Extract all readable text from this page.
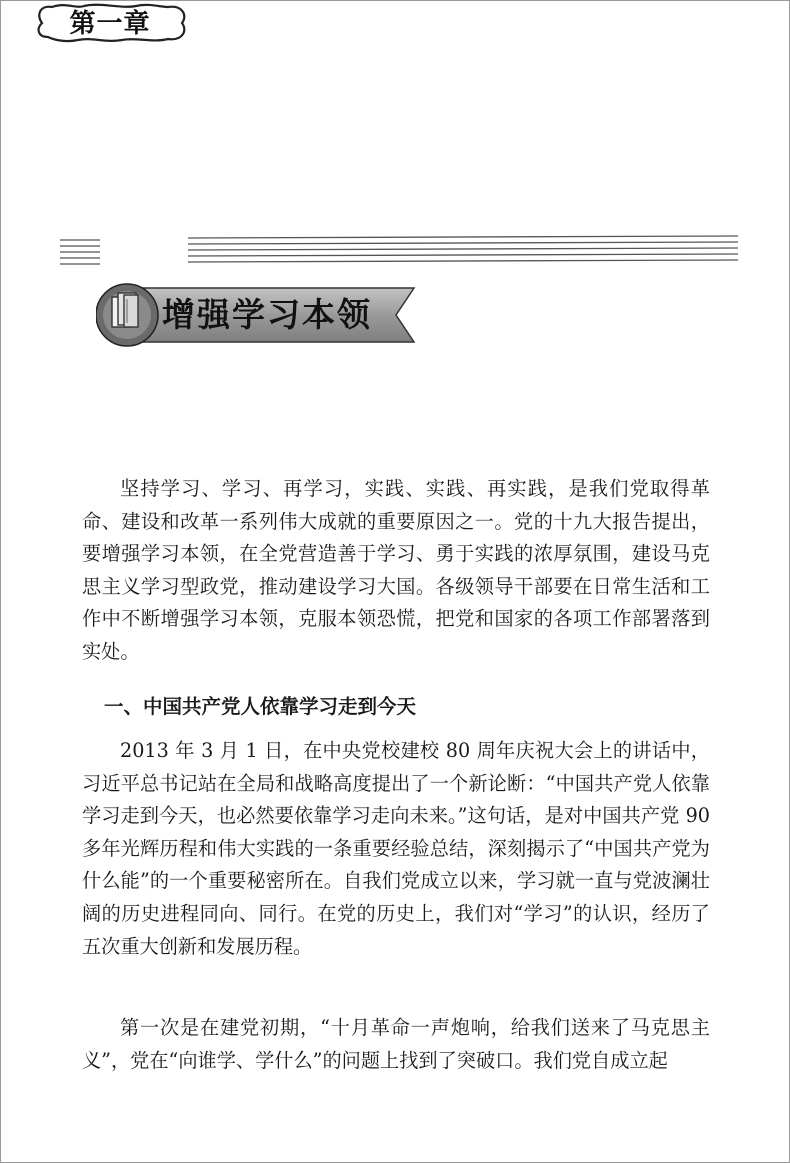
第一章
增强学习本领

坚持学习、学习、再学习，实践、实践、再实践，是我们党取得革命、建设和改革一系列伟大成就的重要原因之一。党的十九大报告提出，要增强学习本领，在全党营造善于学习、勇于实践的浓厚氛围，建设马克思主义学习型政党，推动建设学习大国。各级领导干部要在日常生活和工作中不断增强学习本领，克服本领恐慌，把党和国家的各项工作部署落到实处。

一、中国共产党人依靠学习走到今天

2013 年 3 月 1 日，在中央党校建校 80 周年庆祝大会上的讲话中，习近平总书记站在全局和战略高度提出了一个新论断：“中国共产党人依靠学习走到今天，也必然要依靠学习走向未来。”这句话，是对中国共产党 90 多年光辉历程和伟大实践的一条重要经验总结，深刻揭示了“中国共产党为什么能”的一个重要秘密所在。自我们党成立以来，学习就一直与党波澜壮阔的历史进程同向、同行。在党的历史上，我们对“学习”的认识，经历了五次重大创新和发展历程。

第一次是在建党初期，“十月革命一声炮响，给我们送来了马克思主义”，党在“向谁学、学什么”的问题上找到了突破口。我们党自成立起
